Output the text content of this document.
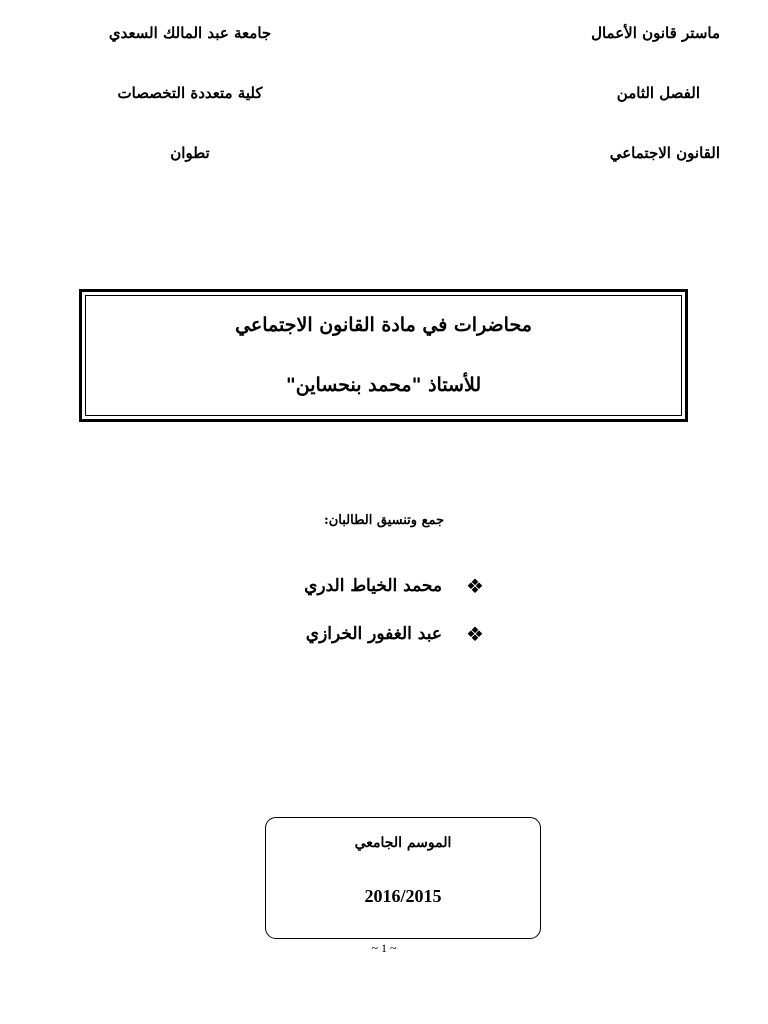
ماستر قانون الأعمال
الفصل الثامن
القانون الاجتماعي
جامعة عبد المالك السعدي
كلية متعددة التخصصات
تطوان
محاضرات في مادة القانون الاجتماعي
للأستاذ "محمد بنحساين"
جمع وتنسيق الطالبان:
❖
محمد الخياط الدري
❖
عبد الغفور الخرازي
الموسم الجامعي
2016/2015
~ 1 ~
